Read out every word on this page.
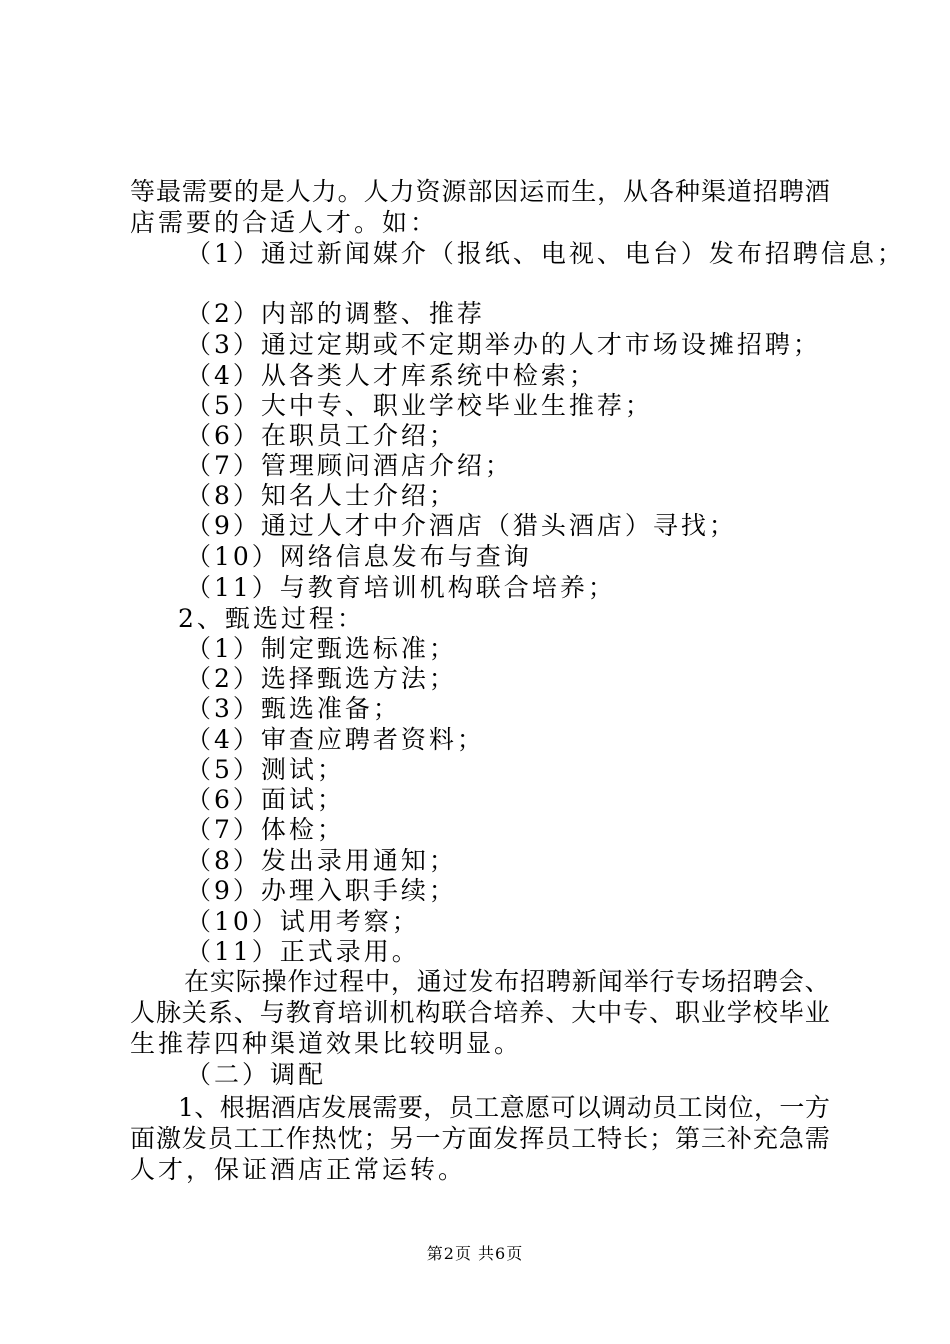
等 最 需 要 的 是 人 力 。 人 力 资 源 部 因 运 而 生 ， 从 各 种 渠 道 招 聘 酒
店需要的合适人才。如：
（1）通过新闻媒介（报纸、电视、电台）发布招聘信息；
（2）内部的调整、推荐
（3）通过定期或不定期举办的人才市场设摊招聘；
（4）从各类人才库系统中检索；
（5）大中专、职业学校毕业生推荐；
（6）在职员工介绍；
（7）管理顾问酒店介绍；
（8）知名人士介绍；
（9）通过人才中介酒店（猎头酒店）寻找；
（10）网络信息发布与查询
（11）与教育培训机构联合培养；
2、甄选过程：
（1）制定甄选标准；
（2）选择甄选方法；
（3）甄选准备；
（4）审查应聘者资料；
（5）测试；
（6）面试；
（7）体检；
（8）发出录用通知；
（9）办理入职手续；
（10）试用考察；
（11）正式录用。
在 实 际 操 作 过 程 中 ， 通 过 发 布 招 聘 新 闻 举 行 专 场 招 聘 会 、
人 脉 关 系 、 与 教 育 培 训 机 构 联 合 培 养 、 大 中 专 、 职 业 学 校 毕 业
生推荐四种渠道效果比较明显。
（二）调配
1 、 根 据 酒 店 发 展 需 要 ， 员 工 意 愿 可 以 调 动 员 工 岗 位 ， 一 方
面 激 发 员 工 工 作 热 忱 ； 另 一 方 面 发 挥 员 工 特 长 ； 第 三 补 充 急 需
人才，保证酒店正常运转。
第2页 共6页
